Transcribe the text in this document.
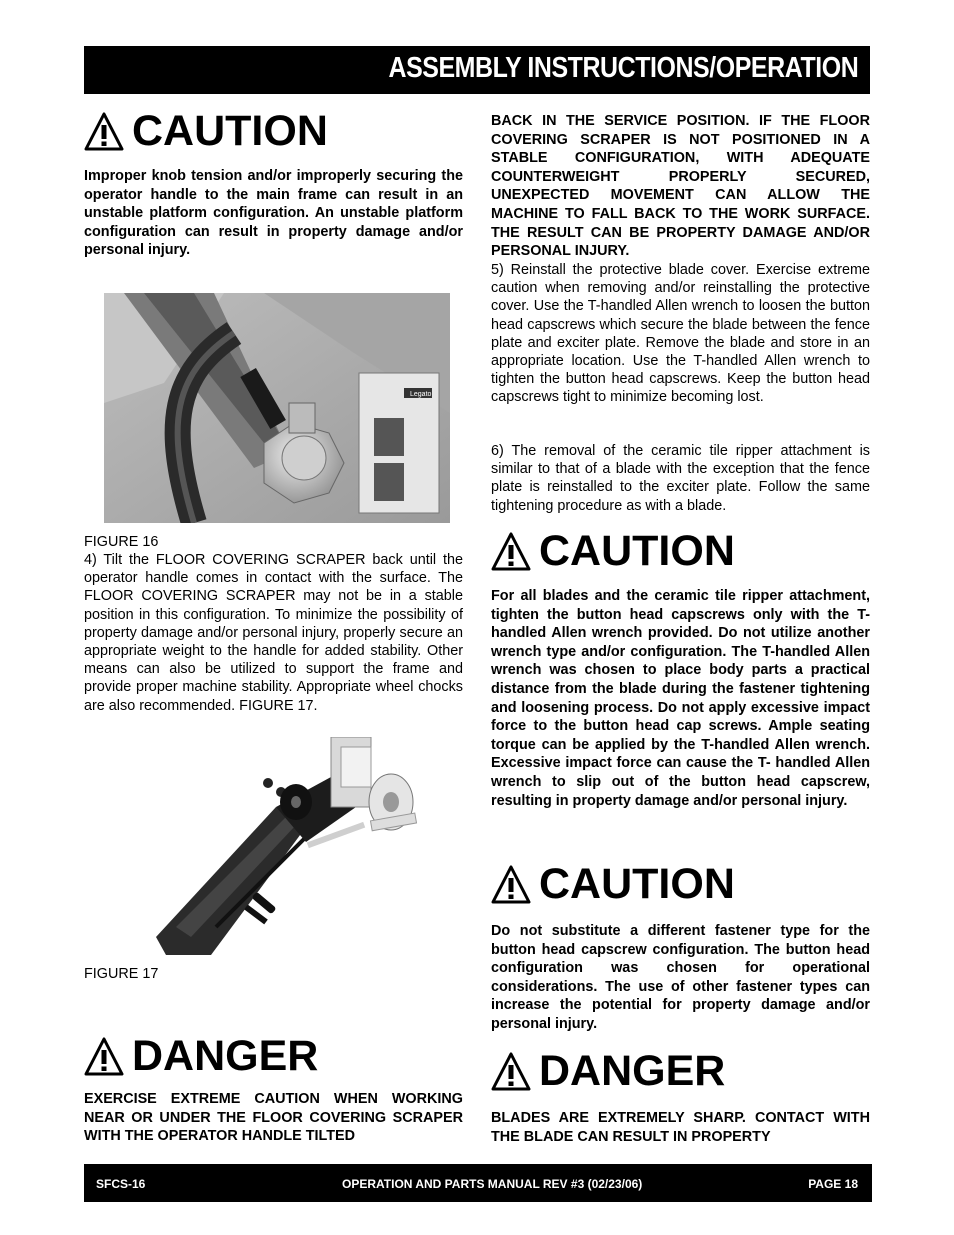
ASSEMBLY INSTRUCTIONS/OPERATION
CAUTION
Improper knob tension and/or improperly securing the operator handle to the main frame can result in an unstable platform configuration. An unstable platform configuration can result in property damage and/or personal injury.
Legato
FIGURE 16
4) Tilt the FLOOR COVERING SCRAPER back until the operator handle comes in contact with the surface. The FLOOR COVERING SCRAPER may not be in a stable position in this configuration. To minimize the possibility of property damage and/or personal injury, properly secure an appropriate weight to the handle for added stability. Other means can also be utilized to support the frame and provide proper machine stability. Appropriate wheel chocks are also recommended. FIGURE 17.
FIGURE 17
DANGER
EXERCISE EXTREME CAUTION WHEN WORKING NEAR OR UNDER THE FLOOR COVERING SCRAPER WITH THE OPERATOR HANDLE TILTED
BACK IN THE SERVICE POSITION. IF THE FLOOR COVERING SCRAPER IS NOT POSITIONED IN A STABLE CONFIGURATION, WITH ADEQUATE COUNTERWEIGHT PROPERLY SECURED, UNEXPECTED MOVEMENT CAN ALLOW THE MACHINE TO FALL BACK TO THE WORK SURFACE. THE RESULT CAN BE PROPERTY DAMAGE AND/OR PERSONAL INJURY.
5) Reinstall the protective blade cover. Exercise extreme caution when removing and/or reinstalling the protective cover. Use the T-handled Allen wrench to loosen the button head capscrews which secure the blade between the fence plate and exciter plate. Remove the blade and store in an appropriate location. Use the T-handled Allen wrench to tighten the button head capscrews. Keep the button head capscrews tight to minimize becoming lost.
6) The removal of the ceramic tile ripper attachment is similar to that of a blade with the exception that the fence plate is reinstalled to the exciter plate. Follow the same tightening procedure as with a blade.
CAUTION
For all blades and the ceramic tile ripper attachment, tighten the button head capscrews only with the T-handled Allen wrench provided. Do not utilize another wrench type and/or configuration. The T-handled Allen wrench was chosen to place body parts a practical distance from the blade during the fastener tightening and loosening process. Do not apply excessive impact force to the button head cap screws. Ample seating torque can be applied by the T-handled Allen wrench. Excessive impact force can cause the T- handled Allen wrench to slip out of the button head capscrew, resulting in property damage and/or personal injury.
CAUTION
Do not substitute a different fastener type for the button head capscrew configuration. The button head configuration was chosen for operational considerations. The use of other fastener types can increase the potential for property damage and/or personal injury.
DANGER
BLADES ARE EXTREMELY SHARP. CONTACT WITH THE BLADE CAN RESULT IN PROPERTY
SFCS-16	OPERATION AND PARTS MANUAL REV #3 (02/23/06)	PAGE 18
